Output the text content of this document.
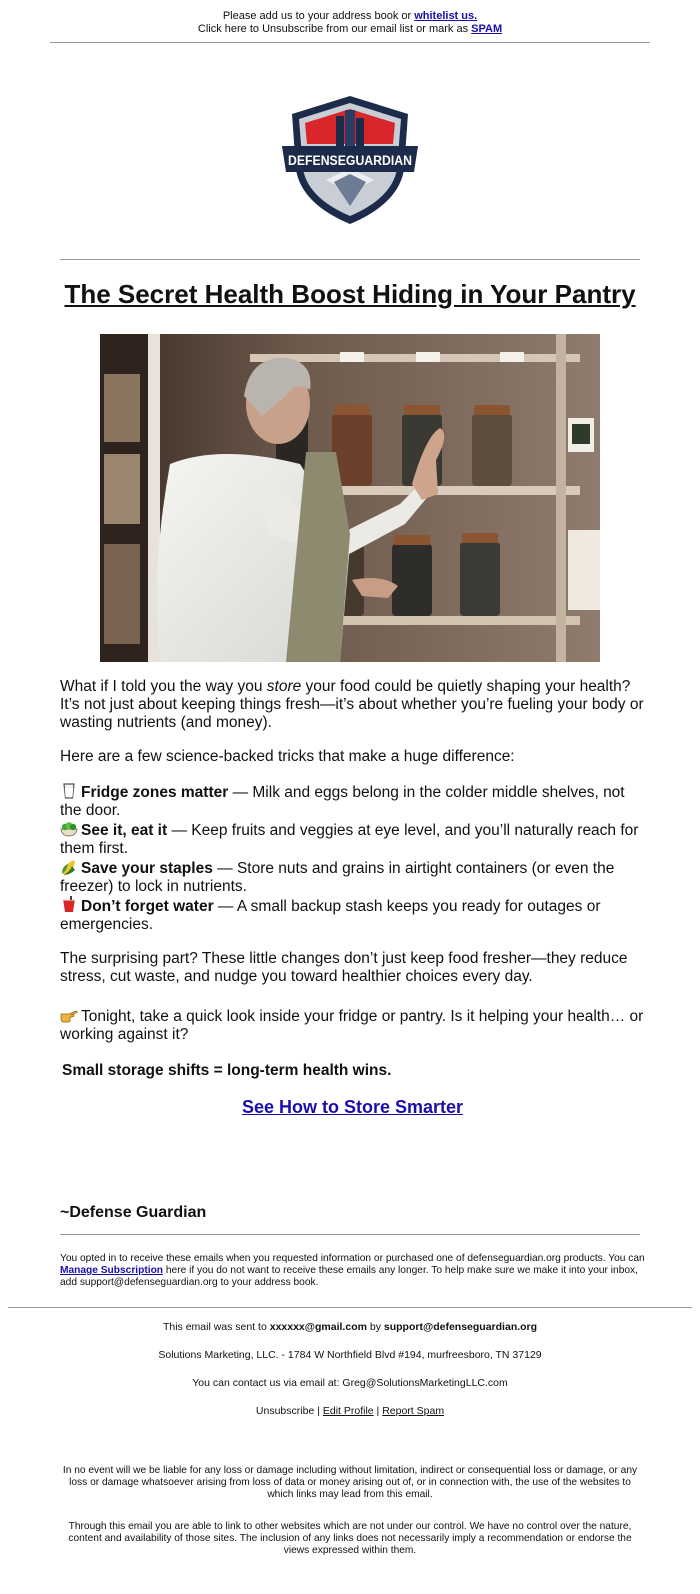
Please add us to your address book or whitelist us.
Click here to Unsubscribe from our email list or mark as SPAM
DEFENSEGUARDIAN
The Secret Health Boost Hiding in Your Pantry

What if I told you the way you store your food could be quietly shaping your health?
It’s not just about keeping things fresh—it’s about whether you’re fueling your body or wasting nutrients (and money).

Here are a few science-backed tricks that make a huge difference:

Fridge zones matter — Milk and eggs belong in the colder middle shelves, not the door.
See it, eat it — Keep fruits and veggies at eye level, and you’ll naturally reach for them first.
Save your staples — Store nuts and grains in airtight containers (or even the freezer) to lock in nutrients.
Don’t forget water — A small backup stash keeps you ready for outages or emergencies.

The surprising part? These little changes don’t just keep food fresher—they reduce stress, cut waste, and nudge you toward healthier choices every day.

Tonight, take a quick look inside your fridge or pantry. Is it helping your health… or working against it?

Small storage shifts = long-term health wins.
See How to Store Smarter
~Defense Guardian
You opted in to receive these emails when you requested information or purchased one of defenseguardian.org products. You can Manage Subscription here if you do not want to receive these emails any longer. To help make sure we make it into your inbox, add support@defenseguardian.org to your address book.
This email was sent to xxxxxx@gmail.com by support@defenseguardian.org
Solutions Marketing, LLC. - 1784 W Northfield Blvd #194, murfreesboro, TN 37129
You can contact us via email at: Greg@SolutionsMarketingLLC.com
Unsubscribe | Edit Profile | Report Spam
In no event will we be liable for any loss or damage including without limitation, indirect or consequential loss or damage, or any loss or damage whatsoever arising from loss of data or money arising out of, or in connection with, the use of the websites to which links may lead from this email.
Through this email you are able to link to other websites which are not under our control. We have no control over the nature, content and availability of those sites. The inclusion of any links does not necessarily imply a recommendation or endorse the views expressed within them.
